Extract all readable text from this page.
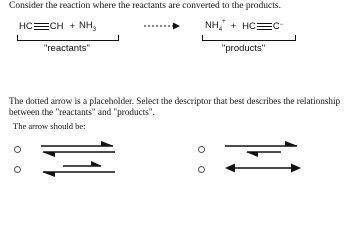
Consider the reaction where the reactants are converted to the products.
HC CH + $NH_3$
"reactants"
$NH_4^+$ + HC C−
"products"
The dotted arrow is a placeholder. Select the descriptor that best describes the relationship between the "reactants" and "products".
The arrow should be:
